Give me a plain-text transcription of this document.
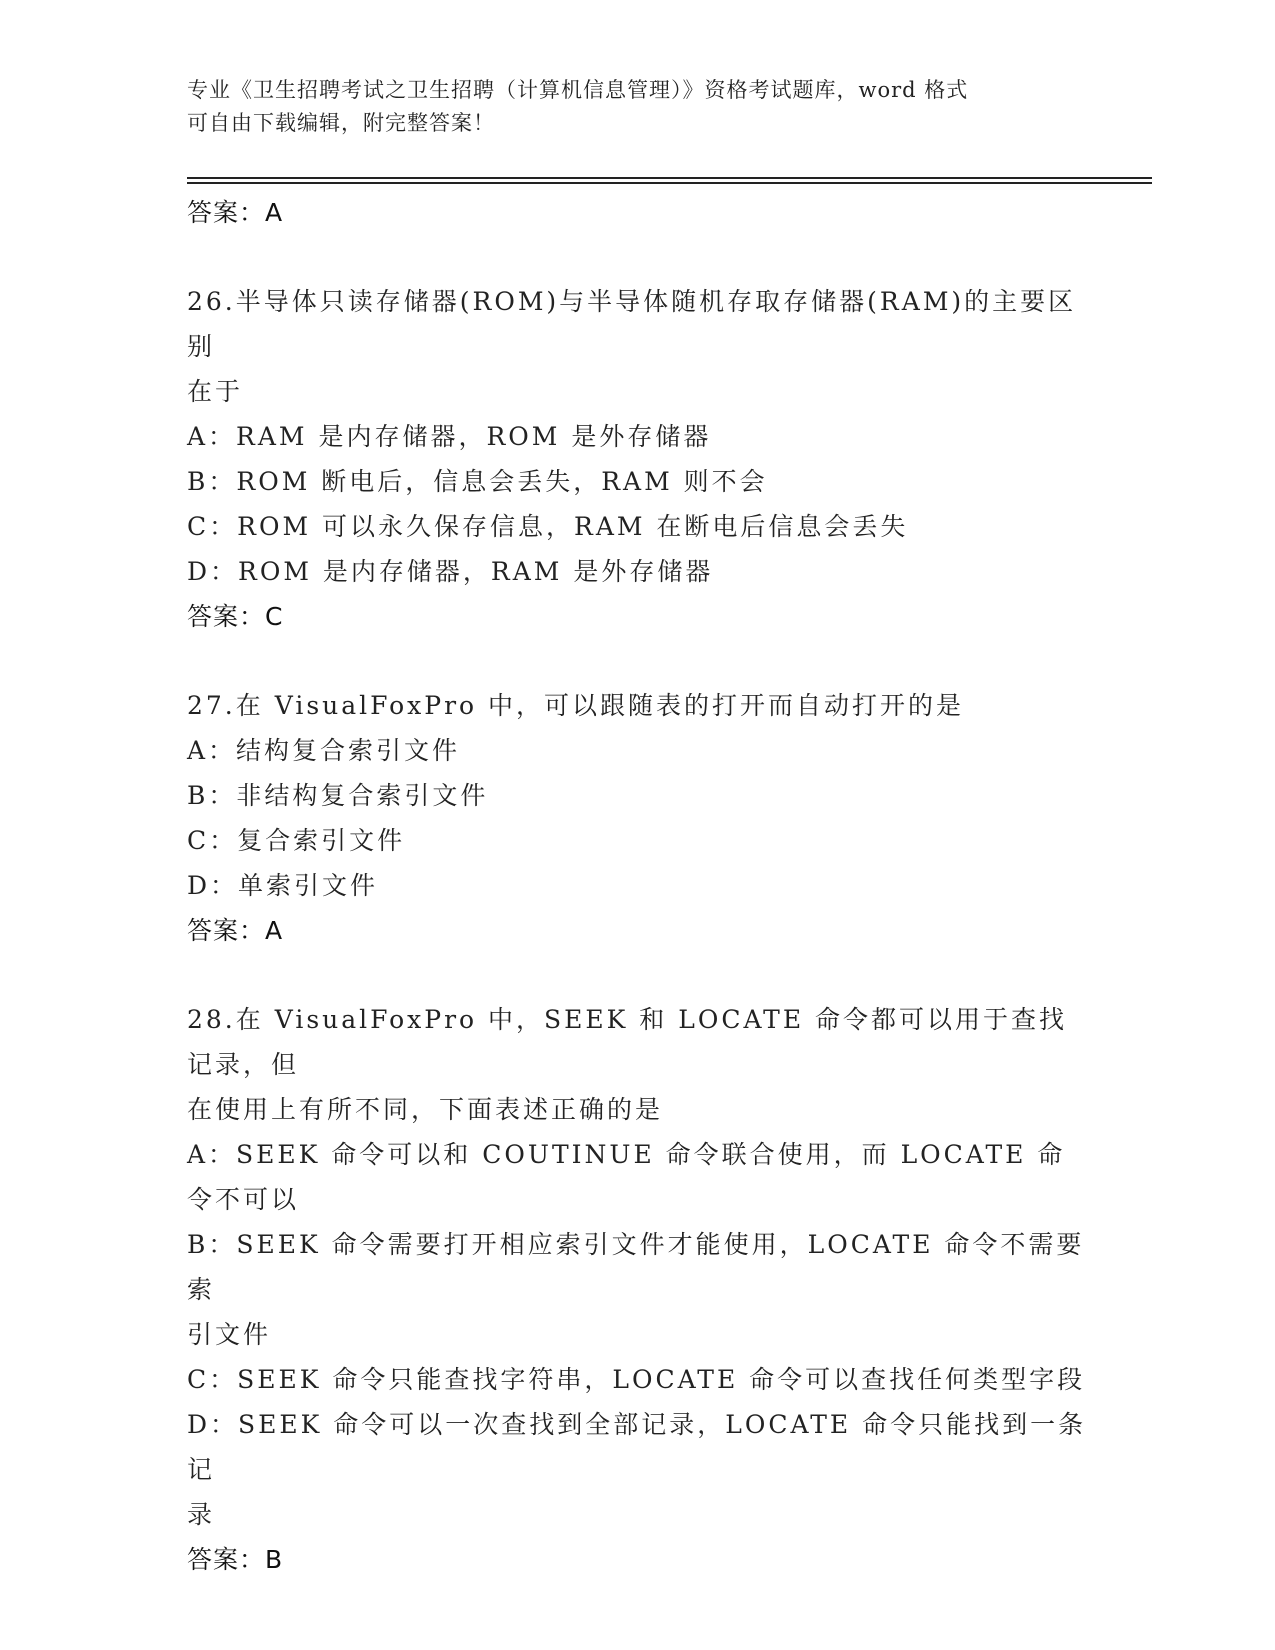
专业《卫生招聘考试之卫生招聘（计算机信息管理）》资格考试题库，word 格式
可自由下载编辑，附完整答案！

答案：A

26.半导体只读存储器(ROM)与半导体随机存取存储器(RAM)的主要区别

在于

A：RAM 是内存储器，ROM 是外存储器

B：ROM 断电后，信息会丢失，RAM 则不会

C：ROM 可以永久保存信息，RAM 在断电后信息会丢失

D：ROM 是内存储器，RAM 是外存储器

答案：C

27.在 VisualFoxPro 中，可以跟随表的打开而自动打开的是

A：结构复合索引文件

B：非结构复合索引文件

C：复合索引文件

D：单索引文件

答案：A

28.在 VisualFoxPro 中，SEEK 和 LOCATE 命令都可以用于查找记录，但

在使用上有所不同，下面表述正确的是

A：SEEK 命令可以和 COUTINUE 命令联合使用，而 LOCATE 命令不可以

B：SEEK 命令需要打开相应索引文件才能使用，LOCATE 命令不需要索

引文件

C：SEEK 命令只能查找字符串，LOCATE 命令可以查找任何类型字段

D：SEEK 命令可以一次查找到全部记录，LOCATE 命令只能找到一条记

录

答案：B
